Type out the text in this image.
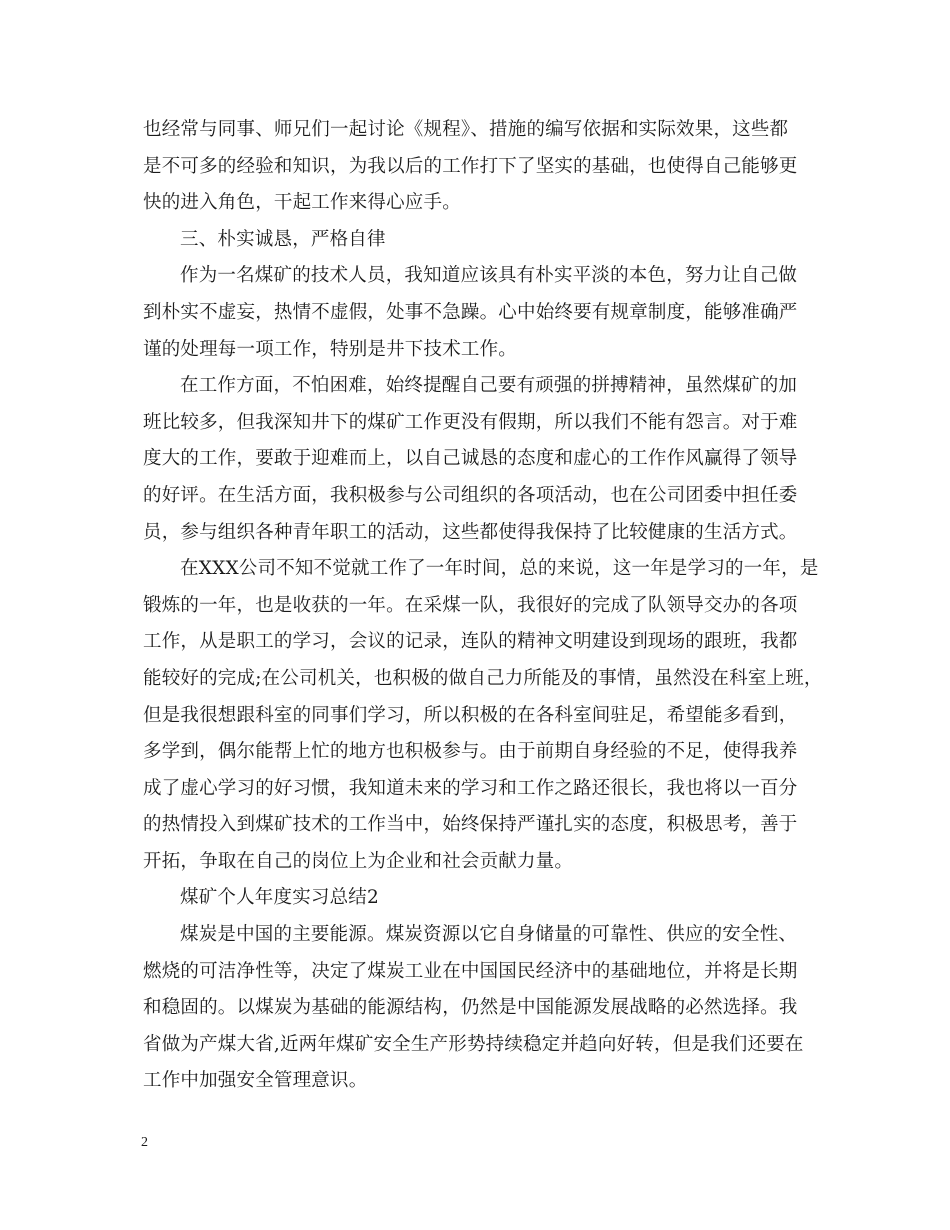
也经常与同事、师兄们一起讨论《规程》、措施的编写依据和实际效果，这些都
是不可多的经验和知识，为我以后的工作打下了坚实的基础，也使得自己能够更
快的进入角色，干起工作来得心应手。
三、朴实诚恳，严格自律
作为一名煤矿的技术人员，我知道应该具有朴实平淡的本色，努力让自己做
到朴实不虚妄，热情不虚假，处事不急躁。心中始终要有规章制度，能够准确严
谨的处理每一项工作，特别是井下技术工作。
在工作方面，不怕困难，始终提醒自己要有顽强的拼搏精神，虽然煤矿的加
班比较多，但我深知井下的煤矿工作更没有假期，所以我们不能有怨言。对于难
度大的工作，要敢于迎难而上，以自己诚恳的态度和虚心的工作作风赢得了领导
的好评。在生活方面，我积极参与公司组织的各项活动，也在公司团委中担任委
员，参与组织各种青年职工的活动，这些都使得我保持了比较健康的生活方式。
在XXX公司不知不觉就工作了一年时间，总的来说，这一年是学习的一年，是
锻炼的一年，也是收获的一年。在采煤一队，我很好的完成了队领导交办的各项
工作，从是职工的学习，会议的记录，连队的精神文明建设到现场的跟班，我都
能较好的完成;在公司机关，也积极的做自己力所能及的事情，虽然没在科室上班，
但是我很想跟科室的同事们学习，所以积极的在各科室间驻足，希望能多看到，
多学到，偶尔能帮上忙的地方也积极参与。由于前期自身经验的不足，使得我养
成了虚心学习的好习惯，我知道未来的学习和工作之路还很长，我也将以一百分
的热情投入到煤矿技术的工作当中，始终保持严谨扎实的态度，积极思考，善于
开拓，争取在自己的岗位上为企业和社会贡献力量。
煤矿个人年度实习总结2
煤炭是中国的主要能源。煤炭资源以它自身储量的可靠性、供应的安全性、
燃烧的可洁净性等，决定了煤炭工业在中国国民经济中的基础地位，并将是长期
和稳固的。以煤炭为基础的能源结构，仍然是中国能源发展战略的必然选择。我
省做为产煤大省,近两年煤矿安全生产形势持续稳定并趋向好转，但是我们还要在
工作中加强安全管理意识。
2
